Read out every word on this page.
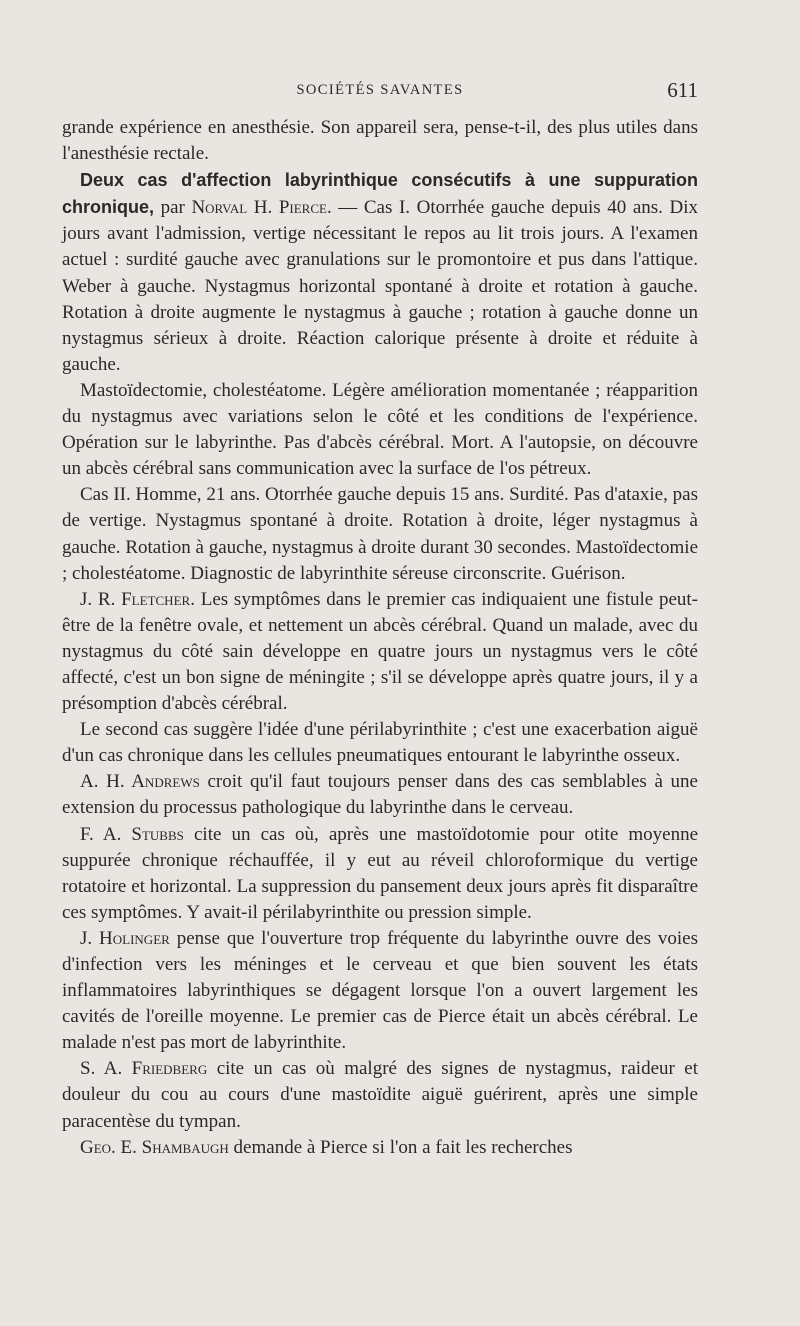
SOCIÉTÉS SAVANTES	611

grande expérience en anesthésie. Son appareil sera, pense-t-il, des plus utiles dans l'anesthésie rectale.

Deux cas d'affection labyrinthique consécutifs à une suppuration chronique, par Norval H. Pierce. — Cas I. Otorrhée gauche depuis 40 ans. Dix jours avant l'admission, vertige nécessitant le repos au lit trois jours. A l'examen actuel : surdité gauche avec granulations sur le promontoire et pus dans l'attique. Weber à gauche. Nystagmus horizontal spontané à droite et rotation à gauche. Rotation à droite augmente le nystagmus à gauche ; rotation à gauche donne un nystagmus sérieux à droite. Réaction calorique présente à droite et réduite à gauche.

Mastoïdectomie, cholestéatome. Légère amélioration momentanée ; réapparition du nystagmus avec variations selon le côté et les conditions de l'expérience. Opération sur le labyrinthe. Pas d'abcès cérébral. Mort. A l'autopsie, on découvre un abcès cérébral sans communication avec la surface de l'os pétreux.

Cas II. Homme, 21 ans. Otorrhée gauche depuis 15 ans. Surdité. Pas d'ataxie, pas de vertige. Nystagmus spontané à droite. Rotation à droite, léger nystagmus à gauche. Rotation à gauche, nystagmus à droite durant 30 secondes. Mastoïdectomie ; cholestéatome. Diagnostic de labyrinthite séreuse circonscrite. Guérison.

J. R. Fletcher. Les symptômes dans le premier cas indiquaient une fistule peut-être de la fenêtre ovale, et nettement un abcès cérébral. Quand un malade, avec du nystagmus du côté sain développe en quatre jours un nystagmus vers le côté affecté, c'est un bon signe de méningite ; s'il se développe après quatre jours, il y a présomption d'abcès cérébral.

Le second cas suggère l'idée d'une périlabyrinthite ; c'est une exacerbation aiguë d'un cas chronique dans les cellules pneumatiques entourant le labyrinthe osseux.

A. H. Andrews croit qu'il faut toujours penser dans des cas semblables à une extension du processus pathologique du labyrinthe dans le cerveau.

F. A. Stubbs cite un cas où, après une mastoïdotomie pour otite moyenne suppurée chronique réchauffée, il y eut au réveil chloroformique du vertige rotatoire et horizontal. La suppression du pansement deux jours après fit disparaître ces symptômes. Y avait-il périlabyrinthite ou pression simple.

J. Holinger pense que l'ouverture trop fréquente du labyrinthe ouvre des voies d'infection vers les méninges et le cerveau et que bien souvent les états inflammatoires labyrinthiques se dégagent lorsque l'on a ouvert largement les cavités de l'oreille moyenne. Le premier cas de Pierce était un abcès cérébral. Le malade n'est pas mort de labyrinthite.

S. A. Friedberg cite un cas où malgré des signes de nystagmus, raideur et douleur du cou au cours d'une mastoïdite aiguë guérirent, après une simple paracentèse du tympan.

Geo. E. Shambaugh demande à Pierce si l'on a fait les recherches
